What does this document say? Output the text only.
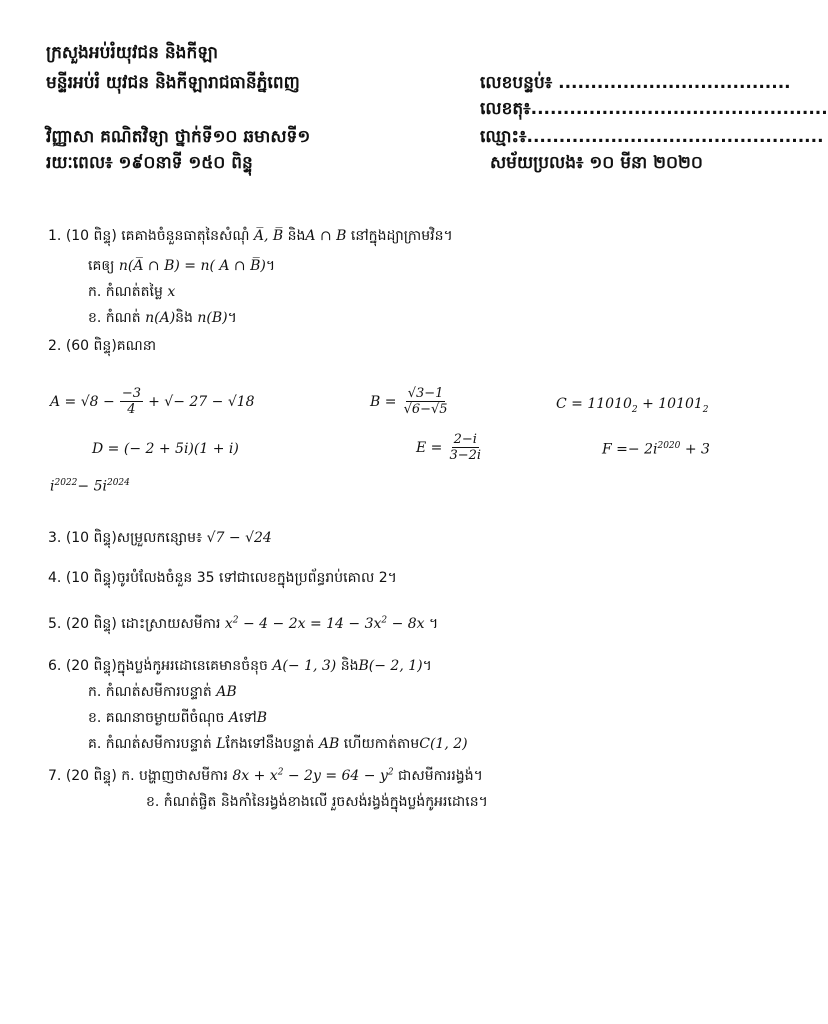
ក្រសួងអប់រំយុវជន និងកីឡា
មន្ទីរអប់រំ យុវជន និងកីឡារាជធានីភ្នំពេញ	លេខបន្ទប់៖ ....................................
លេខតុ៖..............................................
វិញ្ញាសា គណិតវិទ្យា ថ្នាក់ទី១០ ឆមាសទី១	ឈ្មោះ៖..............................................
រយៈពេល៖ ១៩០នាទី ១៥០ ពិន្ទុ	សម័យប្រលង៖ ១០ មីនា ២០២០
1. (10 ពិន្ទុ) គេគាងចំនួនធាតុនៃសំណុំ A̅, B̅ និងA ∩ B នៅក្នុងដ្យាក្រាមវិន។
គេឲ្យ n(A̅ ∩ B) = n( A ∩ B̅)។
ក. កំណត់តម្លៃ x
ខ. កំណត់ n(A)និង n(B)។
2. (60 ពិន្ទុ)គណនា
$A = √8 - \frac{-3}{4}$ + √− 27 − √18	$B = \frac{√3-1}{√6-√5}$	$C = 11010_2 + 10101_2$
D = (− 2 + 5i)(1 + i)	$E = \frac{2-i}{3-2i}$	$F =- 2i^{2020} + 3$
$i^{2022}- 5i^{2024}$
3. (10 ពិន្ទុ)សម្រួលកន្សោម៖ √7 − √24
4. (10 ពិន្ទុ)ចូរបំលែងចំនួន 35 ទៅជាលេខក្នុងប្រព័ន្ធរាប់គោល 2។
5. (20 ពិន្ទុ) ដោះស្រាយសមីការ $x^2 - 4 - 2x = 14 - 3x^2 - 8x$ ។
6. (20 ពិន្ទុ)ក្នុងប្លង់កូអរដោនេគេមានចំនុច A(− 1, 3) និងB(− 2, 1)។
ក. កំណត់សមីការបន្ទាត់ AB
ខ. គណនាចម្ងាយពីចំណុច AទៅB
គ. កំណត់សមីការបន្ទាត់ Lកែងទៅនឹងបន្ទាត់ AB ហើយកាត់តាមC(1, 2)
7. (20 ពិន្ទុ) ក. បង្ហាញថាសមីការ $8x + x^2 - 2y = 64 - y^2$ ជាសមីការរង្វង់។
ខ. កំណត់ផ្ចិត និងកាំនៃរង្វង់ខាងលើ រួចសង់រង្វង់ក្នុងប្លង់កូអរដោនេ។
